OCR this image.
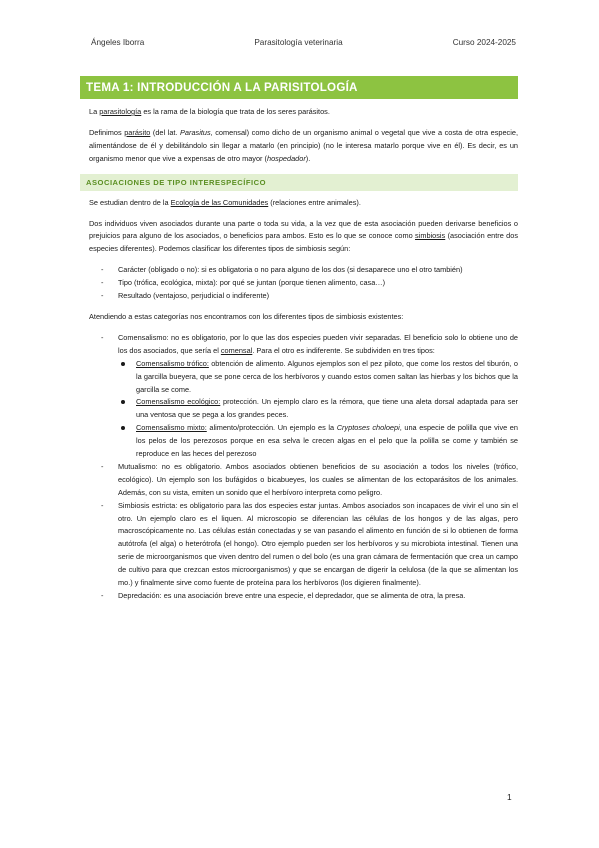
Ángeles Iborra	Parasitología veterinaria	Curso 2024-2025
TEMA 1: INTRODUCCIÓN A LA PARISITOLOGÍA

La parasitología es la rama de la biología que trata de los seres parásitos.

Definimos parásito (del lat. Parasitus, comensal) como dicho de un organismo animal o vegetal que vive a costa de otra especie, alimentándose de él y debilitándolo sin llegar a matarlo (en principio) (no le interesa matarlo porque vive en él). Es decir, es un organismo menor que vive a expensas de otro mayor (hospedador).

ASOCIACIONES DE TIPO INTERESPECÍFICO

Se estudian dentro de la Ecología de las Comunidades (relaciones entre animales).

Dos individuos viven asociados durante una parte o toda su vida, a la vez que de esta asociación pueden derivarse beneficios o prejuicios para alguno de los asociados, o beneficios para ambos. Esto es lo que se conoce como simbiosis (asociación entre dos especies diferentes). Podemos clasificar los diferentes tipos de simbiosis según:

- Carácter (obligado o no): si es obligatoria o no para alguno de los dos (si desaparece uno el otro también)
- Tipo (trófica, ecológica, mixta): por qué se juntan (porque tienen alimento, casa…)
- Resultado (ventajoso, perjudicial o indiferente)

Atendiendo a estas categorías nos encontramos con los diferentes tipos de simbiosis existentes:

- Comensalismo: no es obligatorio, por lo que las dos especies pueden vivir separadas. El beneficio solo lo obtiene uno de los dos asociados, que sería el comensal. Para el otro es indiferente. Se subdividen en tres tipos:
Comensalismo trófico: obtención de alimento. Algunos ejemplos son el pez piloto, que come los restos del tiburón, o la garcilla bueyera, que se pone cerca de los herbívoros y cuando estos comen saltan las hierbas y los bichos que la garcilla se come.
Comensalismo ecológico: protección. Un ejemplo claro es la rémora, que tiene una aleta dorsal adaptada para ser una ventosa que se pega a los grandes peces.
Comensalismo mixto: alimento/protección. Un ejemplo es la Cryptoses choloepi, una especie de polilla que vive en los pelos de los perezosos porque en esa selva le crecen algas en el pelo que la polilla se come y también se reproduce en las heces del perezoso
- Mutualismo: no es obligatorio. Ambos asociados obtienen beneficios de su asociación a todos los niveles (trófico, ecológico). Un ejemplo son los bufágidos o bicabueyes, los cuales se alimentan de los ectoparásitos de los animales. Además, con su vista, emiten un sonido que el herbívoro interpreta como peligro.
- Simbiosis estricta: es obligatorio para las dos especies estar juntas. Ambos asociados son incapaces de vivir el uno sin el otro. Un ejemplo claro es el liquen. Al microscopio se diferencian las células de los hongos y de las algas, pero macroscópicamente no. Las células están conectadas y se van pasando el alimento en función de si lo obtienen de forma autótrofa (el alga) o heterótrofa (el hongo). Otro ejemplo pueden ser los herbívoros y su microbiota intestinal. Tienen una serie de microorganismos que viven dentro del rumen o del bolo (es una gran cámara de fermentación que crea un campo de cultivo para que crezcan estos microorganismos) y que se encargan de digerir la celulosa (de la que se alimentan los mo.) y finalmente sirve como fuente de proteína para los herbívoros (los digieren finalmente).
- Depredación: es una asociación breve entre una especie, el depredador, que se alimenta de otra, la presa.
1
